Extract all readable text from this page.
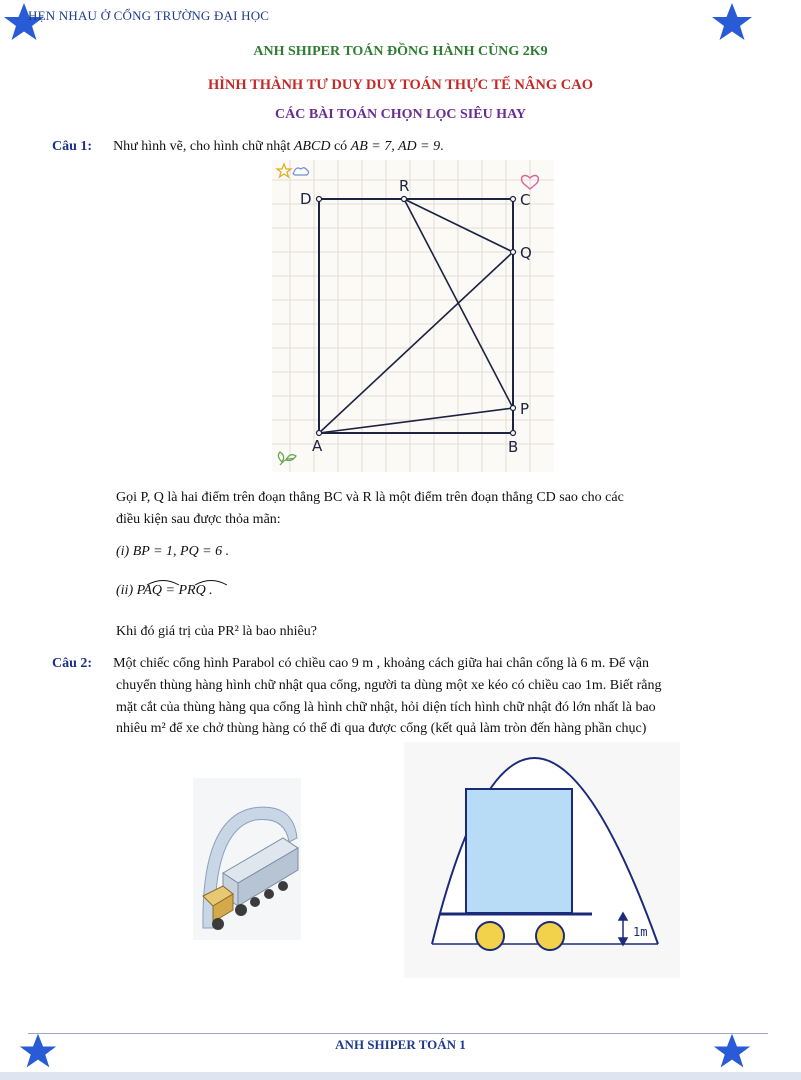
HẸN NHAU Ở CỔNG TRƯỜNG ĐẠI HỌC
ANH SHIPER TOÁN ĐỒNG HÀNH CÙNG 2K9
HÌNH THÀNH TƯ DUY DUY TOÁN THỰC TẾ NÂNG CAO
CÁC BÀI TOÁN CHỌN LỌC SIÊU HAY
Câu 1: Như hình vẽ, cho hình chữ nhật ABCD có AB = 7, AD = 9.
D
R
C
Q
P
A	B
Gọi P, Q là hai điểm trên đoạn thẳng BC và R là một điểm trên đoạn thẳng CD sao cho các
điều kiện sau được thỏa mãn:
(i) BP = 1, PQ = 6 .
(ii) PAQ = PRQ .
Khi đó giá trị của PR² là bao nhiêu?
Câu 2: Một chiếc cổng hình Parabol có chiều cao 9 m , khoảng cách giữa hai chân cổng là 6 m. Để vận
chuyển thùng hàng hình chữ nhật qua cổng, người ta dùng một xe kéo có chiều cao 1m. Biết rằng
mặt cắt của thùng hàng qua cổng là hình chữ nhật, hỏi diện tích hình chữ nhật đó lớn nhất là bao
nhiêu m² để xe chở thùng hàng có thể đi qua được cổng (kết quả làm tròn đến hàng phần chục)
1m
ANH SHIPER TOÁN 1
